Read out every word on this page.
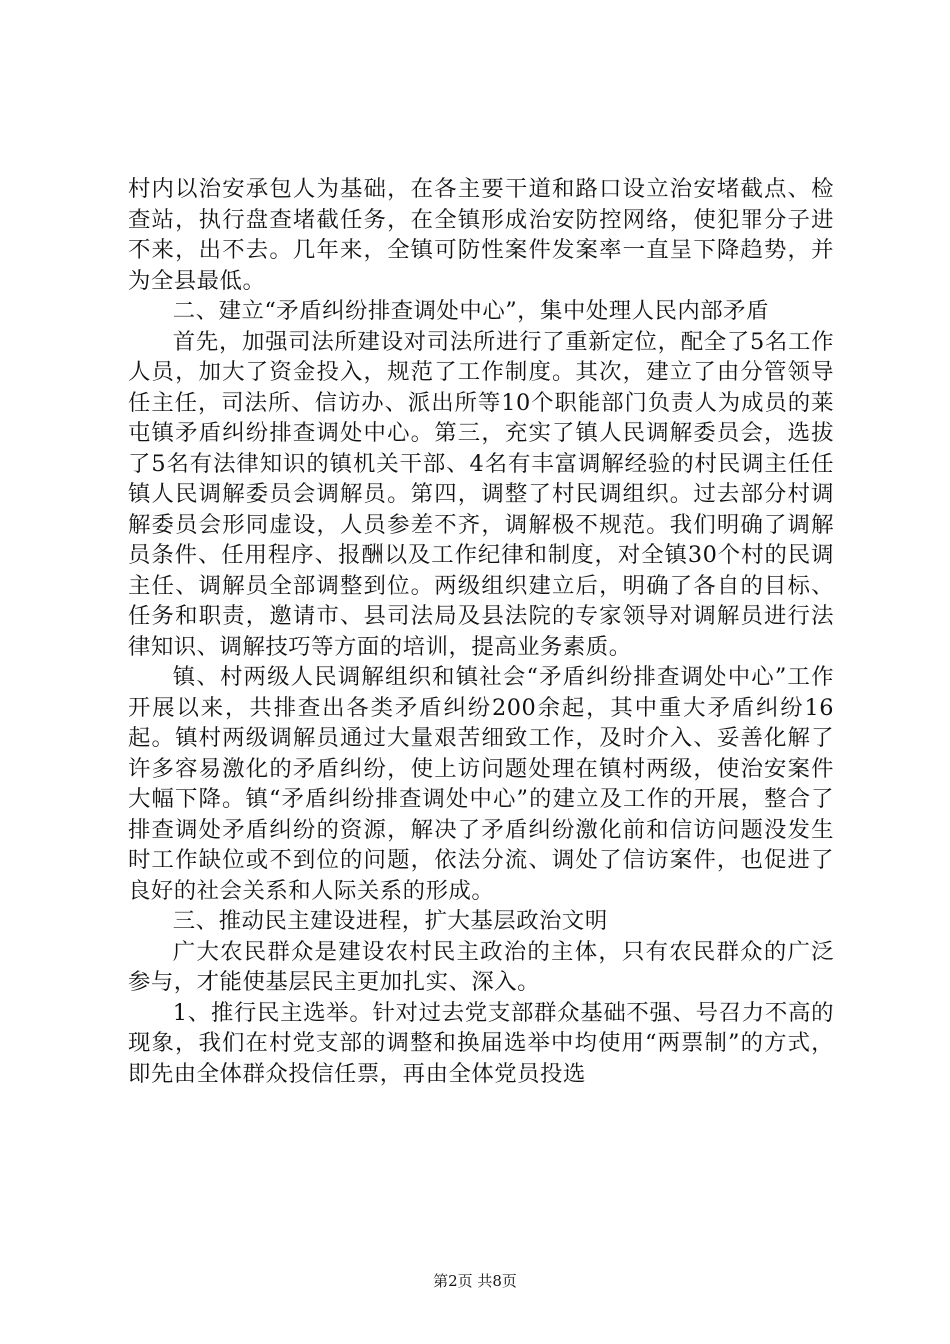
村内以治安承包人为基础，在各主要干道和路口设立治安堵截点、检查站，执行盘查堵截任务，在全镇形成治安防控网络，使犯罪分子进不来，出不去。几年来，全镇可防性案件发案率一直呈下降趋势，并为全县最低。

二、建立“矛盾纠纷排查调处中心”，集中处理人民内部矛盾

首先，加强司法所建设对司法所进行了重新定位，配全了5名工作人员，加大了资金投入，规范了工作制度。其次，建立了由分管领导任主任，司法所、信访办、派出所等10个职能部门负责人为成员的莱屯镇矛盾纠纷排查调处中心。第三，充实了镇人民调解委员会，选拔了5名有法律知识的镇机关干部、4名有丰富调解经验的村民调主任任镇人民调解委员会调解员。第四，调整了村民调组织。过去部分村调解委员会形同虚设，人员参差不齐，调解极不规范。我们明确了调解员条件、任用程序、报酬以及工作纪律和制度，对全镇30个村的民调主任、调解员全部调整到位。两级组织建立后，明确了各自的目标、任务和职责，邀请市、县司法局及县法院的专家领导对调解员进行法律知识、调解技巧等方面的培训，提高业务素质。

镇、村两级人民调解组织和镇社会“矛盾纠纷排查调处中心”工作开展以来，共排查出各类矛盾纠纷200余起，其中重大矛盾纠纷16起。镇村两级调解员通过大量艰苦细致工作，及时介入、妥善化解了许多容易激化的矛盾纠纷，使上访问题处理在镇村两级，使治安案件大幅下降。镇“矛盾纠纷排查调处中心”的建立及工作的开展，整合了排查调处矛盾纠纷的资源，解决了矛盾纠纷激化前和信访问题没发生时工作缺位或不到位的问题，依法分流、调处了信访案件，也促进了良好的社会关系和人际关系的形成。

三、推动民主建设进程，扩大基层政治文明

广大农民群众是建设农村民主政治的主体，只有农民群众的广泛参与，才能使基层民主更加扎实、深入。

1、推行民主选举。针对过去党支部群众基础不强、号召力不高的现象，我们在村党支部的调整和换届选举中均使用“两票制”的方式，即先由全体群众投信任票，再由全体党员投选

第2页 共8页
